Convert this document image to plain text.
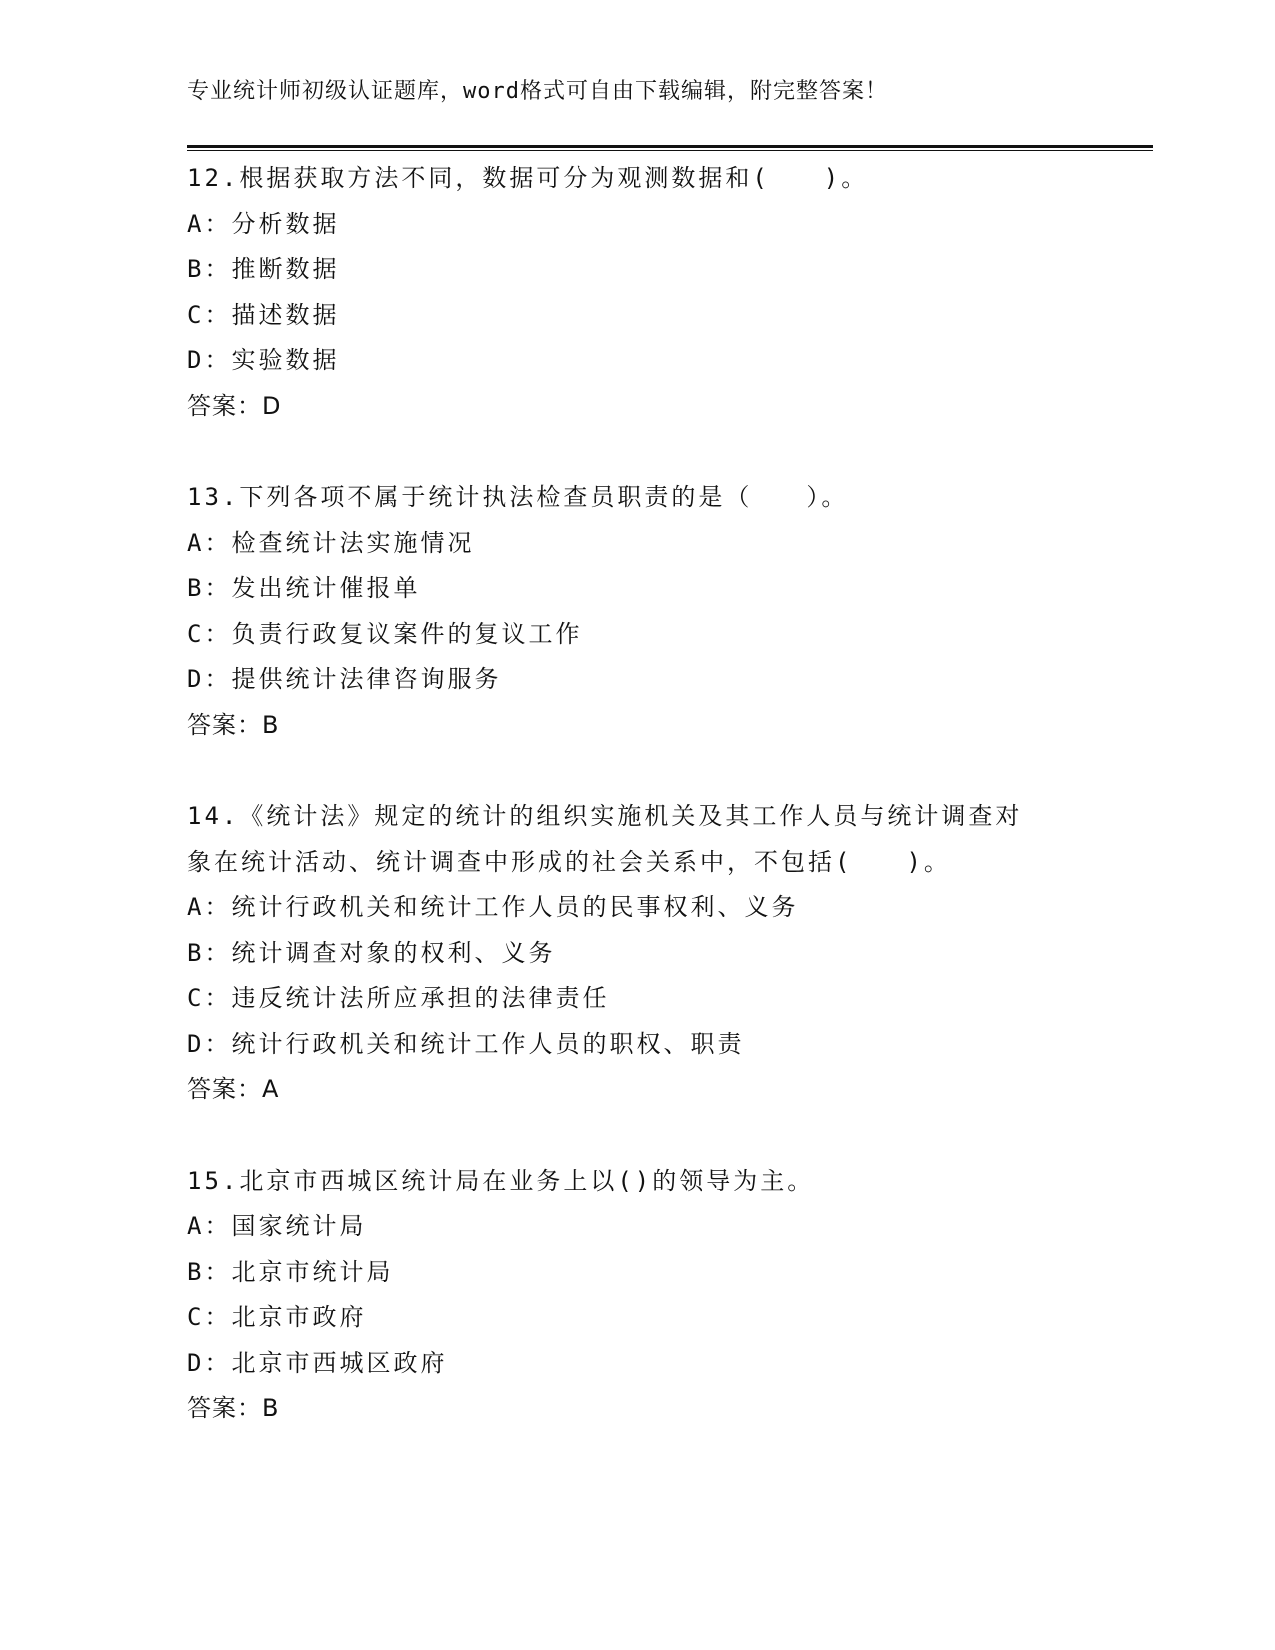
专业统计师初级认证题库，word格式可自由下载编辑，附完整答案！
12.根据获取方法不同，数据可分为观测数据和(　　)。
A：分析数据
B：推断数据
C：描述数据
D：实验数据
答案：D
13.下列各项不属于统计执法检查员职责的是（　　）。
A：检查统计法实施情况
B：发出统计催报单
C：负责行政复议案件的复议工作
D：提供统计法律咨询服务
答案：B
14.《统计法》规定的统计的组织实施机关及其工作人员与统计调查对
象在统计活动、统计调查中形成的社会关系中，不包括(　　)。
A：统计行政机关和统计工作人员的民事权利、义务
B：统计调查对象的权利、义务
C：违反统计法所应承担的法律责任
D：统计行政机关和统计工作人员的职权、职责
答案：A
15.北京市西城区统计局在业务上以()的领导为主。
A：国家统计局
B：北京市统计局
C：北京市政府
D：北京市西城区政府
答案：B
